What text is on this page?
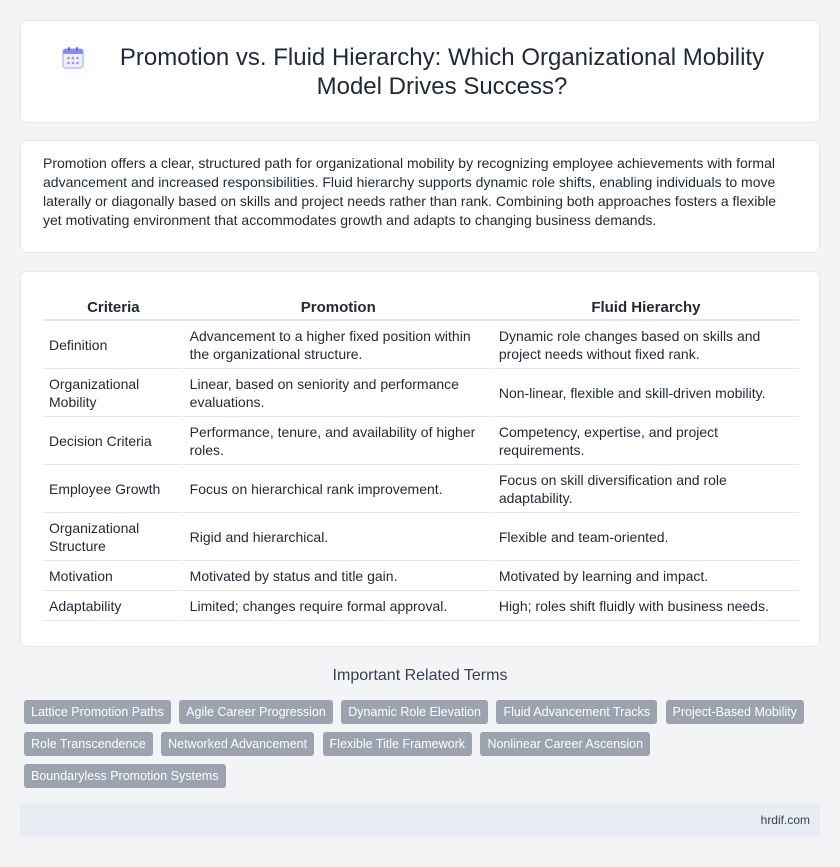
Promotion vs. Fluid Hierarchy: Which Organizational Mobility Model Drives Success?

Promotion offers a clear, structured path for organizational mobility by recognizing employee achievements with formal advancement and increased responsibilities. Fluid hierarchy supports dynamic role shifts, enabling individuals to move laterally or diagonally based on skills and project needs rather than rank. Combining both approaches fosters a flexible yet motivating environment that accommodates growth and adapts to changing business demands.

Criteria	Promotion	Fluid Hierarchy
Definition	Advancement to a higher fixed position within the organizational structure.	Dynamic role changes based on skills and project needs without fixed rank.
Organizational Mobility	Linear, based on seniority and performance evaluations.	Non-linear, flexible and skill-driven mobility.
Decision Criteria	Performance, tenure, and availability of higher roles.	Competency, expertise, and project requirements.
Employee Growth	Focus on hierarchical rank improvement.	Focus on skill diversification and role adaptability.
Organizational Structure	Rigid and hierarchical.	Flexible and team-oriented.
Motivation	Motivated by status and title gain.	Motivated by learning and impact.
Adaptability	Limited; changes require formal approval.	High; roles shift fluidly with business needs.
Important Related Terms
Lattice Promotion Paths Agile Career Progression Dynamic Role Elevation Fluid Advancement Tracks Project-Based Mobility Role Transcendence Networked Advancement Flexible Title Framework Nonlinear Career Ascension Boundaryless Promotion Systems
hrdif.com
